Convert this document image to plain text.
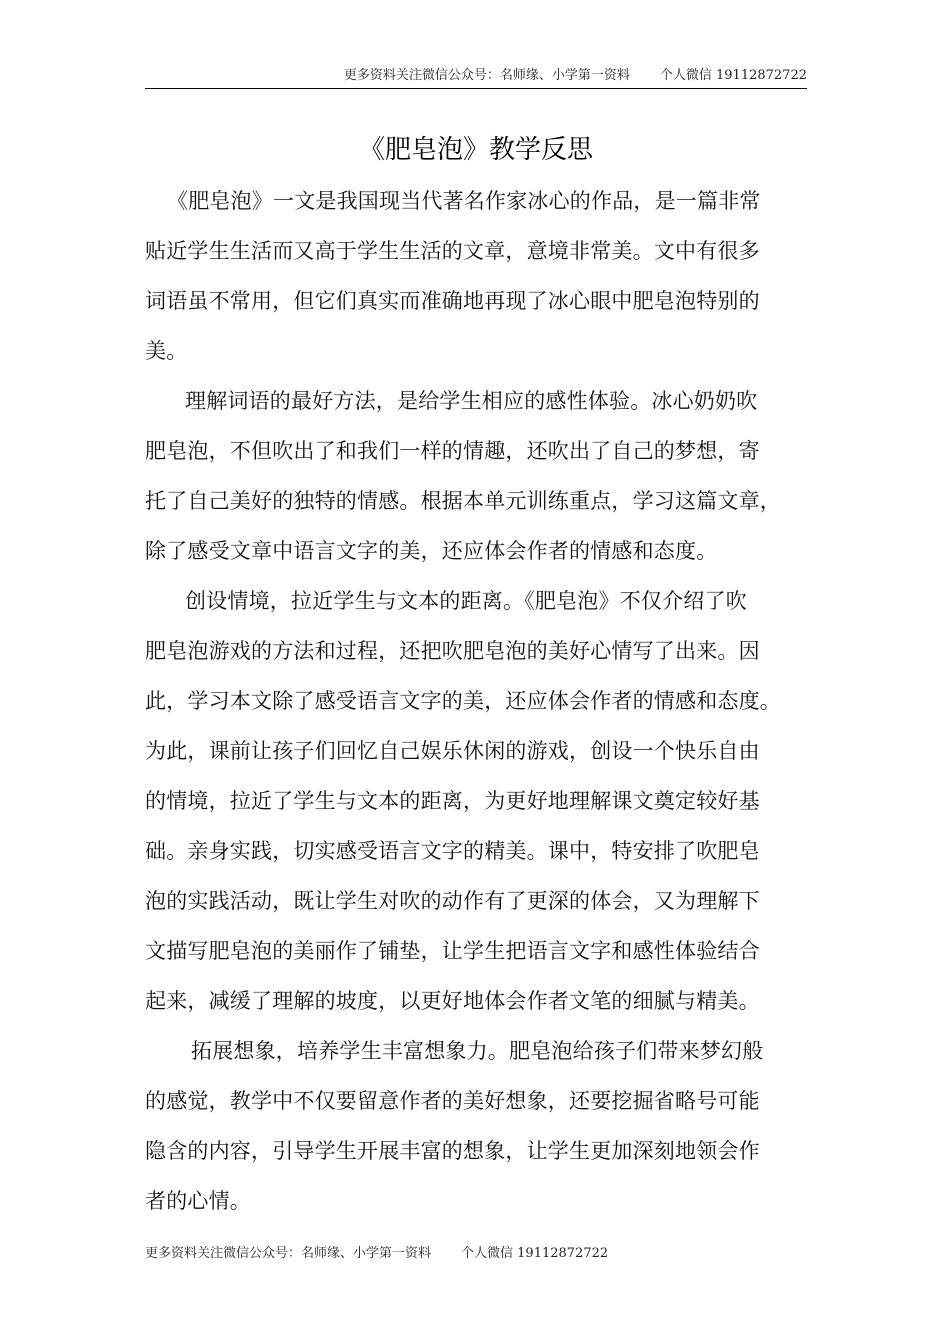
更多资料关注微信公众号：名师缘、小学第一资料 个人微信 19112872722
《肥皂泡》教学反思
《肥皂泡》一文是我国现当代著名作家冰心的作品，是一篇非常
贴近学生生活而又高于学生生活的文章，意境非常美。文中有很多
词语虽不常用，但它们真实而准确地再现了冰心眼中肥皂泡特别的
美。
理解词语的最好方法，是给学生相应的感性体验。冰心奶奶吹
肥皂泡，不但吹出了和我们一样的情趣，还吹出了自己的梦想，寄
托了自己美好的独特的情感。根据本单元训练重点，学习这篇文章，
除了感受文章中语言文字的美，还应体会作者的情感和态度。
创设情境，拉近学生与文本的距离。《肥皂泡》不仅介绍了吹
肥皂泡游戏的方法和过程，还把吹肥皂泡的美好心情写了出来。因
此，学习本文除了感受语言文字的美，还应体会作者的情感和态度。
为此，课前让孩子们回忆自己娱乐休闲的游戏，创设一个快乐自由
的情境，拉近了学生与文本的距离，为更好地理解课文奠定较好基
础。亲身实践，切实感受语言文字的精美。课中，特安排了吹肥皂
泡的实践活动，既让学生对吹的动作有了更深的体会，又为理解下
文描写肥皂泡的美丽作了铺垫，让学生把语言文字和感性体验结合
起来，减缓了理解的坡度，以更好地体会作者文笔的细腻与精美。
拓展想象，培养学生丰富想象力。肥皂泡给孩子们带来梦幻般
的感觉，教学中不仅要留意作者的美好想象，还要挖掘省略号可能
隐含的内容，引导学生开展丰富的想象，让学生更加深刻地领会作
者的心情。
更多资料关注微信公众号：名师缘、小学第一资料 个人微信 19112872722
